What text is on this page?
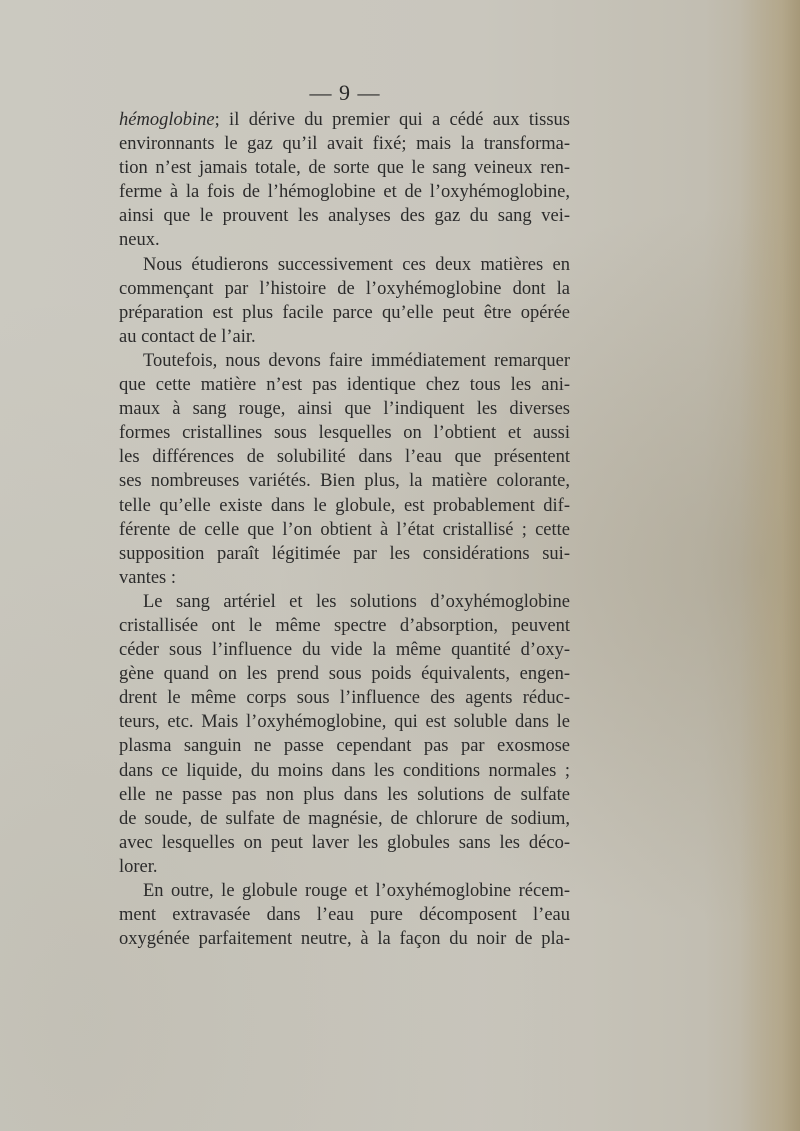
— 9 —
hémoglobine; il dérive du premier qui a cédé aux tissus
environnants le gaz qu’il avait fixé; mais la transforma-
tion n’est jamais totale, de sorte que le sang veineux ren-
ferme à la fois de l’hémoglobine et de l’oxyhémoglobine,
ainsi que le prouvent les analyses des gaz du sang vei-
neux.
Nous étudierons successivement ces deux matières en
commençant par l’histoire de l’oxyhémoglobine dont la
préparation est plus facile parce qu’elle peut être opérée
au contact de l’air.
Toutefois, nous devons faire immédiatement remarquer
que cette matière n’est pas identique chez tous les ani-
maux à sang rouge, ainsi que l’indiquent les diverses
formes cristallines sous lesquelles on l’obtient et aussi
les différences de solubilité dans l’eau que présentent
ses nombreuses variétés. Bien plus, la matière colorante,
telle qu’elle existe dans le globule, est probablement dif-
férente de celle que l’on obtient à l’état cristallisé ; cette
supposition paraît légitimée par les considérations sui-
vantes :
Le sang artériel et les solutions d’oxyhémoglobine
cristallisée ont le même spectre d’absorption, peuvent
céder sous l’influence du vide la même quantité d’oxy-
gène quand on les prend sous poids équivalents, engen-
drent le même corps sous l’influence des agents réduc-
teurs, etc. Mais l’oxyhémoglobine, qui est soluble dans le
plasma sanguin ne passe cependant pas par exosmose
dans ce liquide, du moins dans les conditions normales ;
elle ne passe pas non plus dans les solutions de sulfate
de soude, de sulfate de magnésie, de chlorure de sodium,
avec lesquelles on peut laver les globules sans les déco-
lorer.
En outre, le globule rouge et l’oxyhémoglobine récem-
ment extravasée dans l’eau pure décomposent l’eau
oxygénée parfaitement neutre, à la façon du noir de pla-
